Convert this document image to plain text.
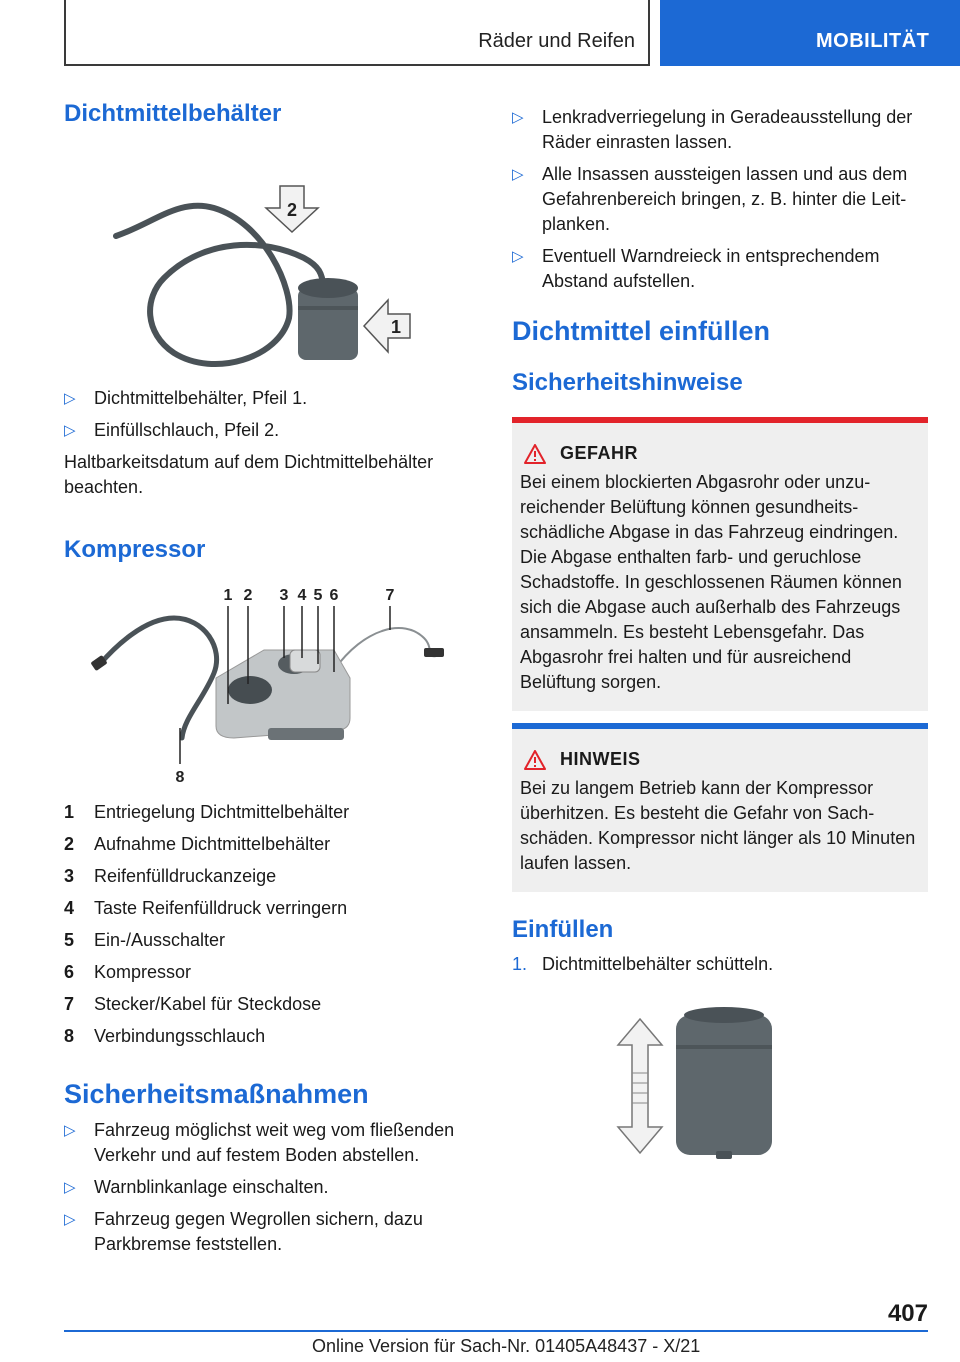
Räder und Reifen	MOBILITÄT
Dichtmittelbehälter
2
1
▷ Dichtmittelbehälter, Pfeil 1.
▷ Einfüllschlauch, Pfeil 2.

Haltbarkeitsdatum auf dem Dichtmittelbehälter beachten.

Kompressor
1 2 3 4 5 6	7
8
1 Entriegelung Dichtmittelbehälter
2 Aufnahme Dichtmittelbehälter
3 Reifenfülldruckanzeige
4 Taste Reifenfülldruck verringern
5 Ein-/Ausschalter
6 Kompressor
7 Stecker/Kabel für Steckdose
8 Verbindungsschlauch
Sicherheitsmaßnahmen
▷ Fahrzeug möglichst weit weg vom fließenden Verkehr und auf festem Boden abstellen.
▷ Warnblinkanlage einschalten.
▷ Fahrzeug gegen Wegrollen sichern, dazu Parkbremse feststellen.
▷ Lenkradverriegelung in Geradeausstellung der Räder einrasten lassen.
▷ Alle Insassen aussteigen lassen und aus dem Gefahrenbereich bringen, z. B. hinter die Leitplanken.
▷ Eventuell Warndreieck in entsprechendem Abstand aufstellen.
Dichtmittel einfüllen
Sicherheitshinweise
GEFAHR

Bei einem blockierten Abgasrohr oder unzureichender Belüftung können gesundheitsschädliche Abgase in das Fahrzeug eindringen. Die Abgase enthalten farb- und geruchlose Schadstoffe. In geschlossenen Räumen können sich die Abgase auch außerhalb des Fahrzeugs ansammeln. Es besteht Lebensgefahr. Das Abgasrohr frei halten und für ausreichend Belüftung sorgen.

HINWEIS

Bei zu langem Betrieb kann der Kompressor überhitzen. Es besteht die Gefahr von Sachschäden. Kompressor nicht länger als 10 Minuten laufen lassen.

Einfüllen
1. Dichtmittelbehälter schütteln.
407
Online Version für Sach-Nr. 01405A48437 - X/21
